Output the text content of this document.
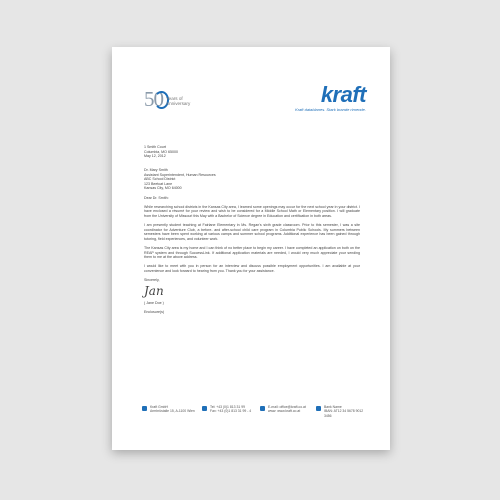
50 Years of
Anniversary	kraft
Kraft datablanes. Stark brande rimende.
1 Smith Court
Columbia, MO 65000
May 12, 2012
Dr. Mary Smith
Assistant Superintendent, Human Resources
ABC School District
123 Beetcat Lane
Kansas City, MO 64000
Dear Dr. Smith:
While researching school districts in the Kansas City area, I learned some openings may occur for the next school year in your district. I have enclosed a résumé for your review and wish to be considered for a Middle School Math or Elementary position. I will graduate from the University of Missouri this May with a Bachelor of Science degree in Education and certification in both areas.
I am presently student teaching at Fairlane Elementary in Ms. Regan's sixth grade classroom. Prior to this semester, I was a site coordinator for Adventure Club, a before- and after-school child care program in Columbia Public Schools. My summers between semesters have been spent working at various camps and summer school programs. Additional experience has been gained through tutoring, field experiences, and volunteer work.
The Kansas City area is my home and I can think of no better place to begin my career. I have completed an application on both on the REAP system and through SuccessLink. If additional application materials are needed, I would very much appreciate your sending them to me at the above address.
I would like to meet with you in person for an interview and discuss possible employment opportunities. I am available at your convenience and look forward to hearing from you. Thank you for your assistance.
Sincerely,
Jan
( Jane Doe )
Enclosure(s)
Kraft GmbH
Armbrüstalle 15, A-1100 Wien
Tel: +43 (0)1 813 31 99
Fax: +43 (0)1 813 31 99 - 4
E-mail: office@kraft.co.at
www: www.kraft.co.at
Bank Name
IBAN: AT12 34 5678 9012 3456
